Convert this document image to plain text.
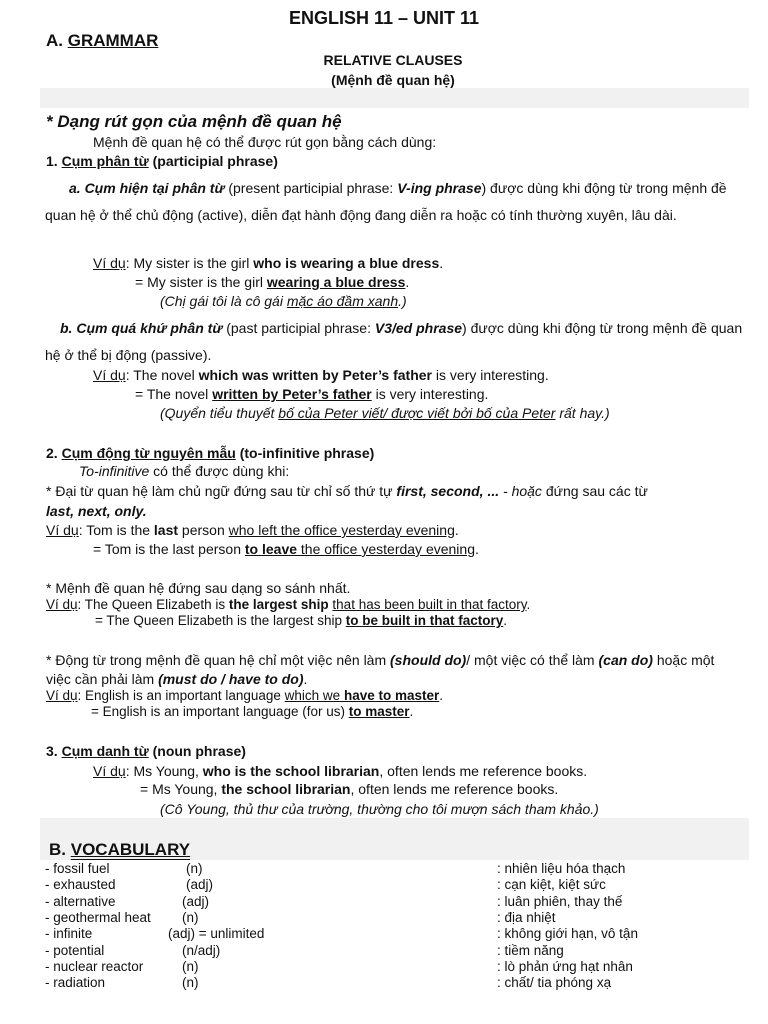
ENGLISH 11 – UNIT 11
A. GRAMMAR
RELATIVE CLAUSES
(Mệnh đề quan hệ)
* Dạng rút gọn của mệnh đề quan hệ
Mệnh đề quan hệ có thể được rút gọn bằng cách dùng:
1. Cụm phân từ (participial phrase)
a. Cụm hiện tại phân từ (present participial phrase: V-ing phrase) được dùng khi động từ trong mệnh đề quan hệ ở thể chủ động (active), diễn đạt hành động đang diễn ra hoặc có tính thường xuyên, lâu dài.
Ví dụ: My sister is the girl who is wearing a blue dress.
= My sister is the girl wearing a blue dress.
(Chị gái tôi là cô gái mặc áo đầm xanh.)
b. Cụm quá khứ phân từ (past participial phrase: V3/ed phrase) được dùng khi động từ trong mệnh đề quan hệ ở thể bị động (passive).
Ví dụ: The novel which was written by Peter’s father is very interesting.
= The novel written by Peter’s father is very interesting.
(Quyển tiểu thuyết bố của Peter viết/ được viết bởi bố của Peter rất hay.)
2. Cụm động từ nguyên mẫu (to-infinitive phrase)
To-infinitive có thể được dùng khi:
* Đại từ quan hệ làm chủ ngữ đứng sau từ chỉ số thứ tự first, second, ... - hoặc đứng sau các từ
last, next, only.
Ví dụ: Tom is the last person who left the office yesterday evening.
= Tom is the last person to leave the office yesterday evening.
* Mệnh đề quan hệ đứng sau dạng so sánh nhất.
Ví dụ: The Queen Elizabeth is the largest ship that has been built in that factory.
= The Queen Elizabeth is the largest ship to be built in that factory.
* Động từ trong mệnh đề quan hệ chỉ một việc nên làm (should do)/ một việc có thể làm (can do) hoặc một
việc cần phải làm (must do / have to do).
Ví dụ: English is an important language which we have to master.
= English is an important language (for us) to master.
3. Cụm danh từ (noun phrase)
Ví dụ: Ms Young, who is the school librarian, often lends me reference books.
= Ms Young, the school librarian, often lends me reference books.
(Cô Young, thủ thư của trường, thường cho tôi mượn sách tham khảo.)
B. VOCABULARY
- fossil fuel	(n)	: nhiên liệu hóa thạch
- exhausted	(adj)	: cạn kiệt, kiệt sức
- alternative	(adj)	: luân phiên, thay thế
- geothermal heat (n)	: địa nhiệt
- infinite	(adj) = unlimited	: không giới hạn, vô tận
- potential	(n/adj)	: tiềm năng
- nuclear reactor	(n)	: lò phản ứng hạt nhân
- radiation	(n)	: chất/ tia phóng xạ
